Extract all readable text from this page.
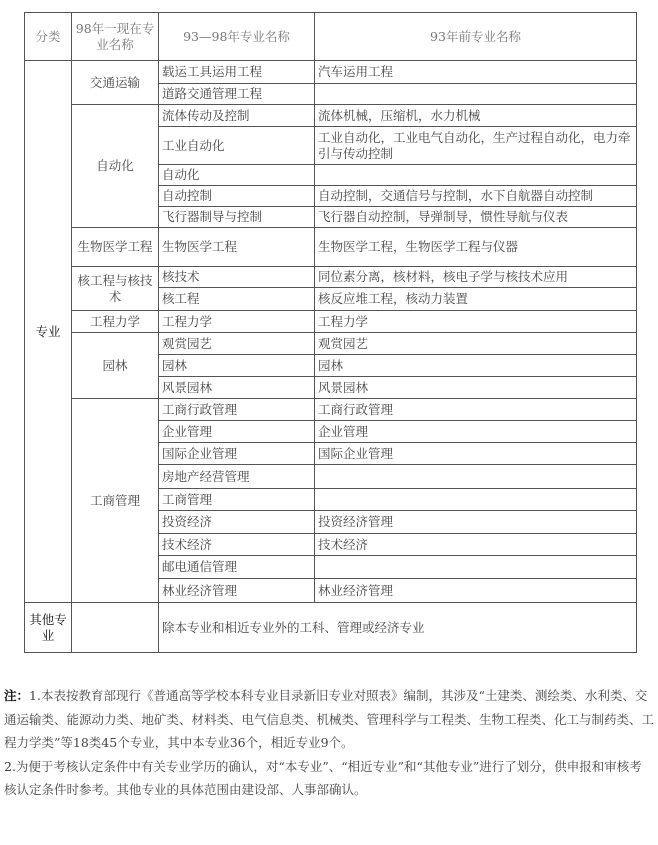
分类	98年一现在专业名称	93—98年专业名称	93年前专业名称
专业	交通运输	载运工具运用工程	汽车运用工程
		道路交通管理工程	
	自动化	流体传动及控制	流体机械，压缩机，水力机械
		工业自动化	工业自动化，工业电气自动化，生产过程自动化，电力牵引与传动控制
		自动化	
		自动控制	自动控制，交通信号与控制，水下自航器自动控制
		飞行器制导与控制	飞行器自动控制，导弹制导，惯性导航与仪表
	生物医学工程	生物医学工程	生物医学工程，生物医学工程与仪器
	核工程与核技术	核技术	同位素分离，核材料，核电子学与核技术应用
		核工程	核反应堆工程，核动力装置
	工程力学	工程力学	工程力学
	园林	观赏园艺	观赏园艺
		园林	园林
		风景园林	风景园林
	工商管理	工商行政管理	工商行政管理
		企业管理	企业管理
		国际企业管理	国际企业管理
		房地产经营管理	
		工商管理	
		投资经济	投资经济管理
		技术经济	技术经济
		邮电通信管理	
		林业经济管理	林业经济管理
其他专业		除本专业和相近专业外的工科、管理或经济专业	

注：1.本表按教育部现行《普通高等学校本科专业目录新旧专业对照表》编制，其涉及“土建类、测绘类、水利类、交通运输类、能源动力类、地矿类、材料类、电气信息类、机械类、管理科学与工程类、生物工程类、化工与制药类、工程力学类”等18类45个专业，其中本专业36个，相近专业9个。

2.为便于考核认定条件中有关专业学历的确认，对“本专业”、“相近专业”和“其他专业”进行了划分，供申报和审核考核认定条件时参考。其他专业的具体范围由建设部、人事部确认。
